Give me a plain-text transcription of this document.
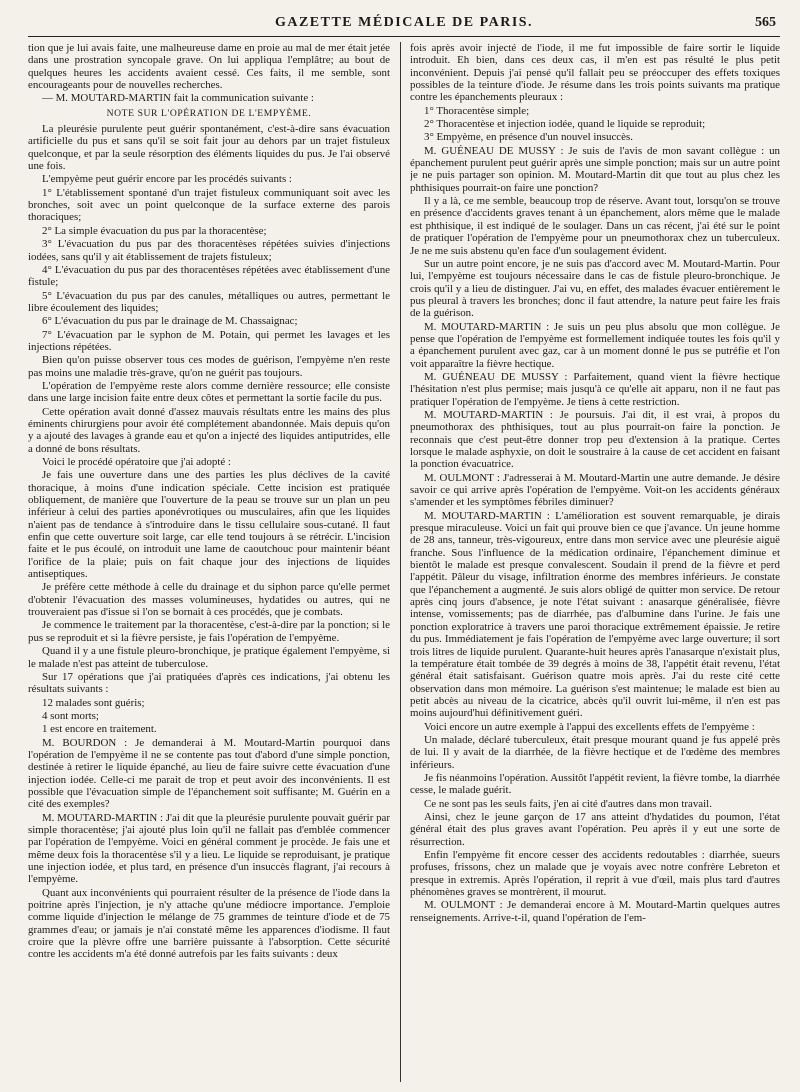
GAZETTE MÉDICALE DE PARIS.	565

tion que je lui avais faite, une malheureuse dame en proie au mal de mer était jetée dans une prostration syncopale grave. On lui appliqua l'emplâtre; au bout de quelques heures les accidents avaient cessé. Ces faits, il me semble, sont encourageants pour de nouvelles recherches.

— M. MOUTARD-MARTIN fait la communication suivante :

NOTE SUR L'OPÉRATION DE L'EMPYÈME.

La pleurésie purulente peut guérir spontanément, c'est-à-dire sans évacuation artificielle du pus et sans qu'il se soit fait jour au dehors par un trajet fistuleux quelconque, et par la seule résorption des éléments liquides du pus. Je l'ai observé une fois.

L'empyème peut guérir encore par les procédés suivants :

1° L'établissement spontané d'un trajet fistuleux communiquant soit avec les bronches, soit avec un point quelconque de la surface externe des parois thoraciques;

2° La simple évacuation du pus par la thoracentèse;

3° L'évacuation du pus par des thoracentèses répétées suivies d'injections iodées, sans qu'il y ait établissement de trajets fistuleux;

4° L'évacuation du pus par des thoracentèses répétées avec établissement d'une fistule;

5° L'évacuation du pus par des canules, métalliques ou autres, permettant le libre écoulement des liquides;

6° L'évacuation du pus par le drainage de M. Chassaignac;

7° L'évacuation par le syphon de M. Potain, qui permet les lavages et les injections répétées.

Bien qu'on puisse observer tous ces modes de guérison, l'empyème n'en reste pas moins une maladie très-grave, qu'on ne guérit pas toujours.

L'opération de l'empyème reste alors comme dernière ressource; elle consiste dans une large incision faite entre deux côtes et permettant la sortie facile du pus.

Cette opération avait donné d'assez mauvais résultats entre les mains des plus éminents chirurgiens pour avoir été complétement abandonnée. Mais depuis qu'on y a ajouté des lavages à grande eau et qu'on a injecté des liquides antiputrides, elle a donné de bons résultats.

Voici le procédé opératoire que j'ai adopté :

Je fais une ouverture dans une des parties les plus déclives de la cavité thoracique, à moins d'une indication spéciale. Cette incision est pratiquée obliquement, de manière que l'ouverture de la peau se trouve sur un plan un peu inférieur à celui des parties aponévrotiques ou musculaires, afin que les liquides n'aient pas de tendance à s'introduire dans le tissu cellulaire sous-cutané. Il faut enfin que cette ouverture soit large, car elle tend toujours à se rétrécir. L'incision faite et le pus écoulé, on introduit une lame de caoutchouc pour maintenir béant l'orifice de la plaie; puis on fait chaque jour des injections de liquides antiseptiques.

Je préfère cette méthode à celle du drainage et du siphon parce qu'elle permet d'obtenir l'évacuation des masses volumineuses, hydatides ou autres, qui ne trouveraient pas d'issue si l'on se bornait à ces procédés, que je combats.

Je commence le traitement par la thoracentèse, c'est-à-dire par la ponction; si le pus se reproduit et si la fièvre persiste, je fais l'opération de l'empyème.

Quand il y a une fistule pleuro-bronchique, je pratique également l'empyème, si le malade n'est pas atteint de tuberculose.

Sur 17 opérations que j'ai pratiquées d'après ces indications, j'ai obtenu les résultats suivants :

12 malades sont guéris;

4 sont morts;

1 est encore en traitement.

M. BOURDON : Je demanderai à M. Moutard-Martin pourquoi dans l'opération de l'empyème il ne se contente pas tout d'abord d'une simple ponction, destinée à retirer le liquide épanché, au lieu de faire suivre cette évacuation d'une injection iodée. Celle-ci me parait de trop et peut avoir des inconvénients. Il est possible que l'évacuation simple de l'épanchement soit suffisante; M. Guérin en a cité des exemples?

M. MOUTARD-MARTIN : J'ai dit que la pleurésie purulente pouvait guérir par simple thoracentèse; j'ai ajouté plus loin qu'il ne fallait pas d'emblée commencer par l'opération de l'empyème. Voici en général comment je procède. Je fais une et même deux fois la thoracentèse s'il y a lieu. Le liquide se reproduisant, je pratique une injection iodée, et plus tard, en présence d'un insuccès flagrant, j'ai recours à l'empyème.

Quant aux inconvénients qui pourraient résulter de la présence de l'iode dans la poitrine après l'injection, je n'y attache qu'une médiocre importance. J'emploie comme liquide d'injection le mélange de 75 grammes de teinture d'iode et de 75 grammes d'eau; or jamais je n'ai constaté même les apparences d'iodisme. Il faut croire que la plèvre offre une barrière puissante à l'absorption. Cette sécurité contre les accidents m'a été donné autrefois par les faits suivants : deux

fois après avoir injecté de l'iode, il me fut impossible de faire sortir le liquide introduit. Eh bien, dans ces deux cas, il m'en est pas résulté le plus petit inconvénient. Depuis j'ai pensé qu'il fallait peu se préoccuper des effets toxiques possibles de la teinture d'iode. Je résume dans les trois points suivants ma pratique contre les épanchements pleuraux :

1° Thoracentèse simple;

2° Thoracentèse et injection iodée, quand le liquide se reproduit;

3° Empyème, en présence d'un nouvel insuccès.

M. GUÉNEAU DE MUSSY : Je suis de l'avis de mon savant collègue : un épanchement purulent peut guérir après une simple ponction; mais sur un autre point je ne puis partager son opinion. M. Moutard-Martin dit que tout au plus chez les phthisiques pourrait-on faire une ponction?

Il y a là, ce me semble, beaucoup trop de réserve. Avant tout, lorsqu'on se trouve en présence d'accidents graves tenant à un épanchement, alors même que le malade est phthisique, il est indiqué de le soulager. Dans un cas récent, j'ai été sur le point de pratiquer l'opération de l'empyème pour un pneumothorax chez un tuberculeux. Je ne me suis abstenu qu'en face d'un soulagement évident.

Sur un autre point encore, je ne suis pas d'accord avec M. Moutard-Martin. Pour lui, l'empyème est toujours nécessaire dans le cas de fistule pleuro-bronchique. Je crois qu'il y a lieu de distinguer. J'ai vu, en effet, des malades évacuer entièrement le pus pleural à travers les bronches; donc il faut attendre, la nature peut faire les frais de la guérison.

M. MOUTARD-MARTIN : Je suis un peu plus absolu que mon collègue. Je pense que l'opération de l'empyème est formellement indiquée toutes les fois qu'il y a épanchement purulent avec gaz, car à un moment donné le pus se putréfie et l'on voit apparaître la fièvre hectique.

M. GUÉNEAU DE MUSSY : Parfaitement, quand vient la fièvre hectique l'hésitation n'est plus permise; mais jusqu'à ce qu'elle ait apparu, non il ne faut pas pratiquer l'opération de l'empyème. Je tiens à cette restriction.

M. MOUTARD-MARTIN : Je poursuis. J'ai dit, il est vrai, à propos du pneumothorax des phthisiques, tout au plus pourrait-on faire la ponction. Je reconnais que c'est peut-être donner trop peu d'extension à la pratique. Certes lorsque le malade asphyxie, on doit le soustraire à la cause de cet accident en faisant la ponction évacuatrice.

M. OULMONT : J'adresserai à M. Moutard-Martin une autre demande. Je désire savoir ce qui arrive après l'opération de l'empyème. Voit-on les accidents généraux s'amender et les symptômes fébriles diminuer?

M. MOUTARD-MARTIN : L'amélioration est souvent remarquable, je dirais presque miraculeuse. Voici un fait qui prouve bien ce que j'avance. Un jeune homme de 28 ans, tanneur, très-vigoureux, entre dans mon service avec une pleurésie aiguë franche. Sous l'influence de la médication ordinaire, l'épanchement diminue et bientôt le malade est presque convalescent. Soudain il prend de la fièvre et perd l'appétit. Pâleur du visage, infiltration énorme des membres inférieurs. Je constate que l'épanchement a augmenté. Je suis alors obligé de quitter mon service. De retour après cinq jours d'absence, je note l'état suivant : anasarque généralisée, fièvre intense, vomissements; pas de diarrhée, pas d'albumine dans l'urine. Je fais une ponction exploratrice à travers une paroi thoracique extrêmement épaissie. Je retire du pus. Immédiatement je fais l'opération de l'empyème avec large ouverture; il sort trois litres de liquide purulent. Quarante-huit heures après l'anasarque n'existait plus, la température était tombée de 39 degrés à moins de 38, l'appétit était revenu, l'état général était satisfaisant. Guérison quatre mois après. J'ai du reste cité cette observation dans mon mémoire. La guérison s'est maintenue; le malade est bien au petit abcès au niveau de la cicatrice, abcès qu'il ouvrit lui-même, il n'en est pas moins aujourd'hui définitivement guéri.

Voici encore un autre exemple à l'appui des excellents effets de l'empyème :

Un malade, déclaré tuberculeux, était presque mourant quand je fus appelé près de lui. Il y avait de la diarrhée, de la fièvre hectique et de l'œdème des membres inférieurs.

Je fis néanmoins l'opération. Aussitôt l'appétit revient, la fièvre tombe, la diarrhée cesse, le malade guérit.

Ce ne sont pas les seuls faits, j'en ai cité d'autres dans mon travail.

Ainsi, chez le jeune garçon de 17 ans atteint d'hydatides du poumon, l'état général était des plus graves avant l'opération. Peu après il y eut une sorte de résurrection.

Enfin l'empyème fit encore cesser des accidents redoutables : diarrhée, sueurs profuses, frissons, chez un malade que je voyais avec notre confrère Lebreton et presque in extremis. Après l'opération, il reprit à vue d'œil, mais plus tard d'autres phénomènes graves se montrèrent, il mourut.

M. OULMONT : Je demanderai encore à M. Moutard-Martin quelques autres renseignements. Arrive-t-il, quand l'opération de l'em-
